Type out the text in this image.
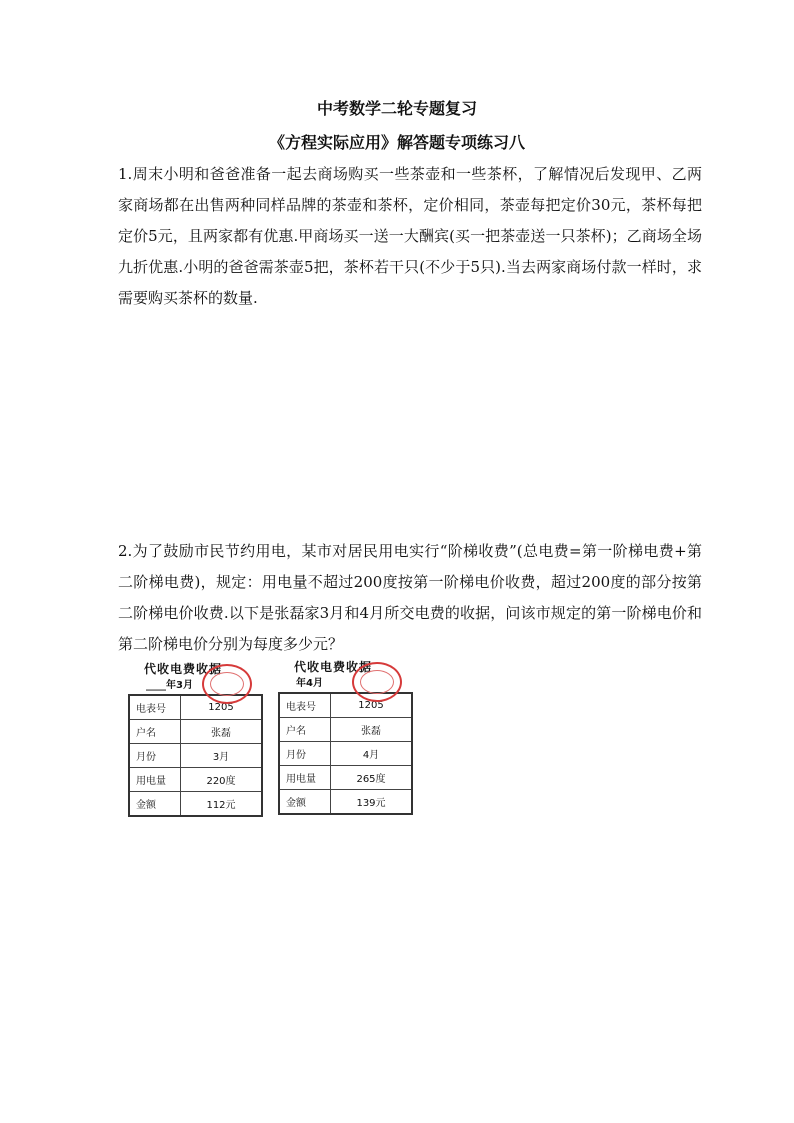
中考数学二轮专题复习
《方程实际应用》解答题专项练习八
1.周末小明和爸爸准备一起去商场购买一些茶壶和一些茶杯，了解情况后发现甲、乙两家商场都在出售两种同样品牌的茶壶和茶杯，定价相同，茶壶每把定价30元，茶杯每把定价5元，且两家都有优惠.甲商场买一送一大酬宾(买一把茶壶送一只茶杯)；乙商场全场九折优惠.小明的爸爸需茶壶5把，茶杯若干只(不少于5只).当去两家商场付款一样时，求需要购买茶杯的数量.
2.为了鼓励市民节约用电，某市对居民用电实行“阶梯收费”(总电费=第一阶梯电费+第二阶梯电费)，规定：用电量不超过200度按第一阶梯电价收费，超过200度的部分按第二阶梯电价收费.以下是张磊家3月和4月所交电费的收据，问该市规定的第一阶梯电价和第二阶梯电价分别为每度多少元？
代收电费收据
____年3月
电表号	1205
户名	张磊
月份	3月
用电量	220度
金额	112元
代收电费收据
年4月
电表号	1205
户名	张磊
月份	4月
用电量	265度
金额	139元
